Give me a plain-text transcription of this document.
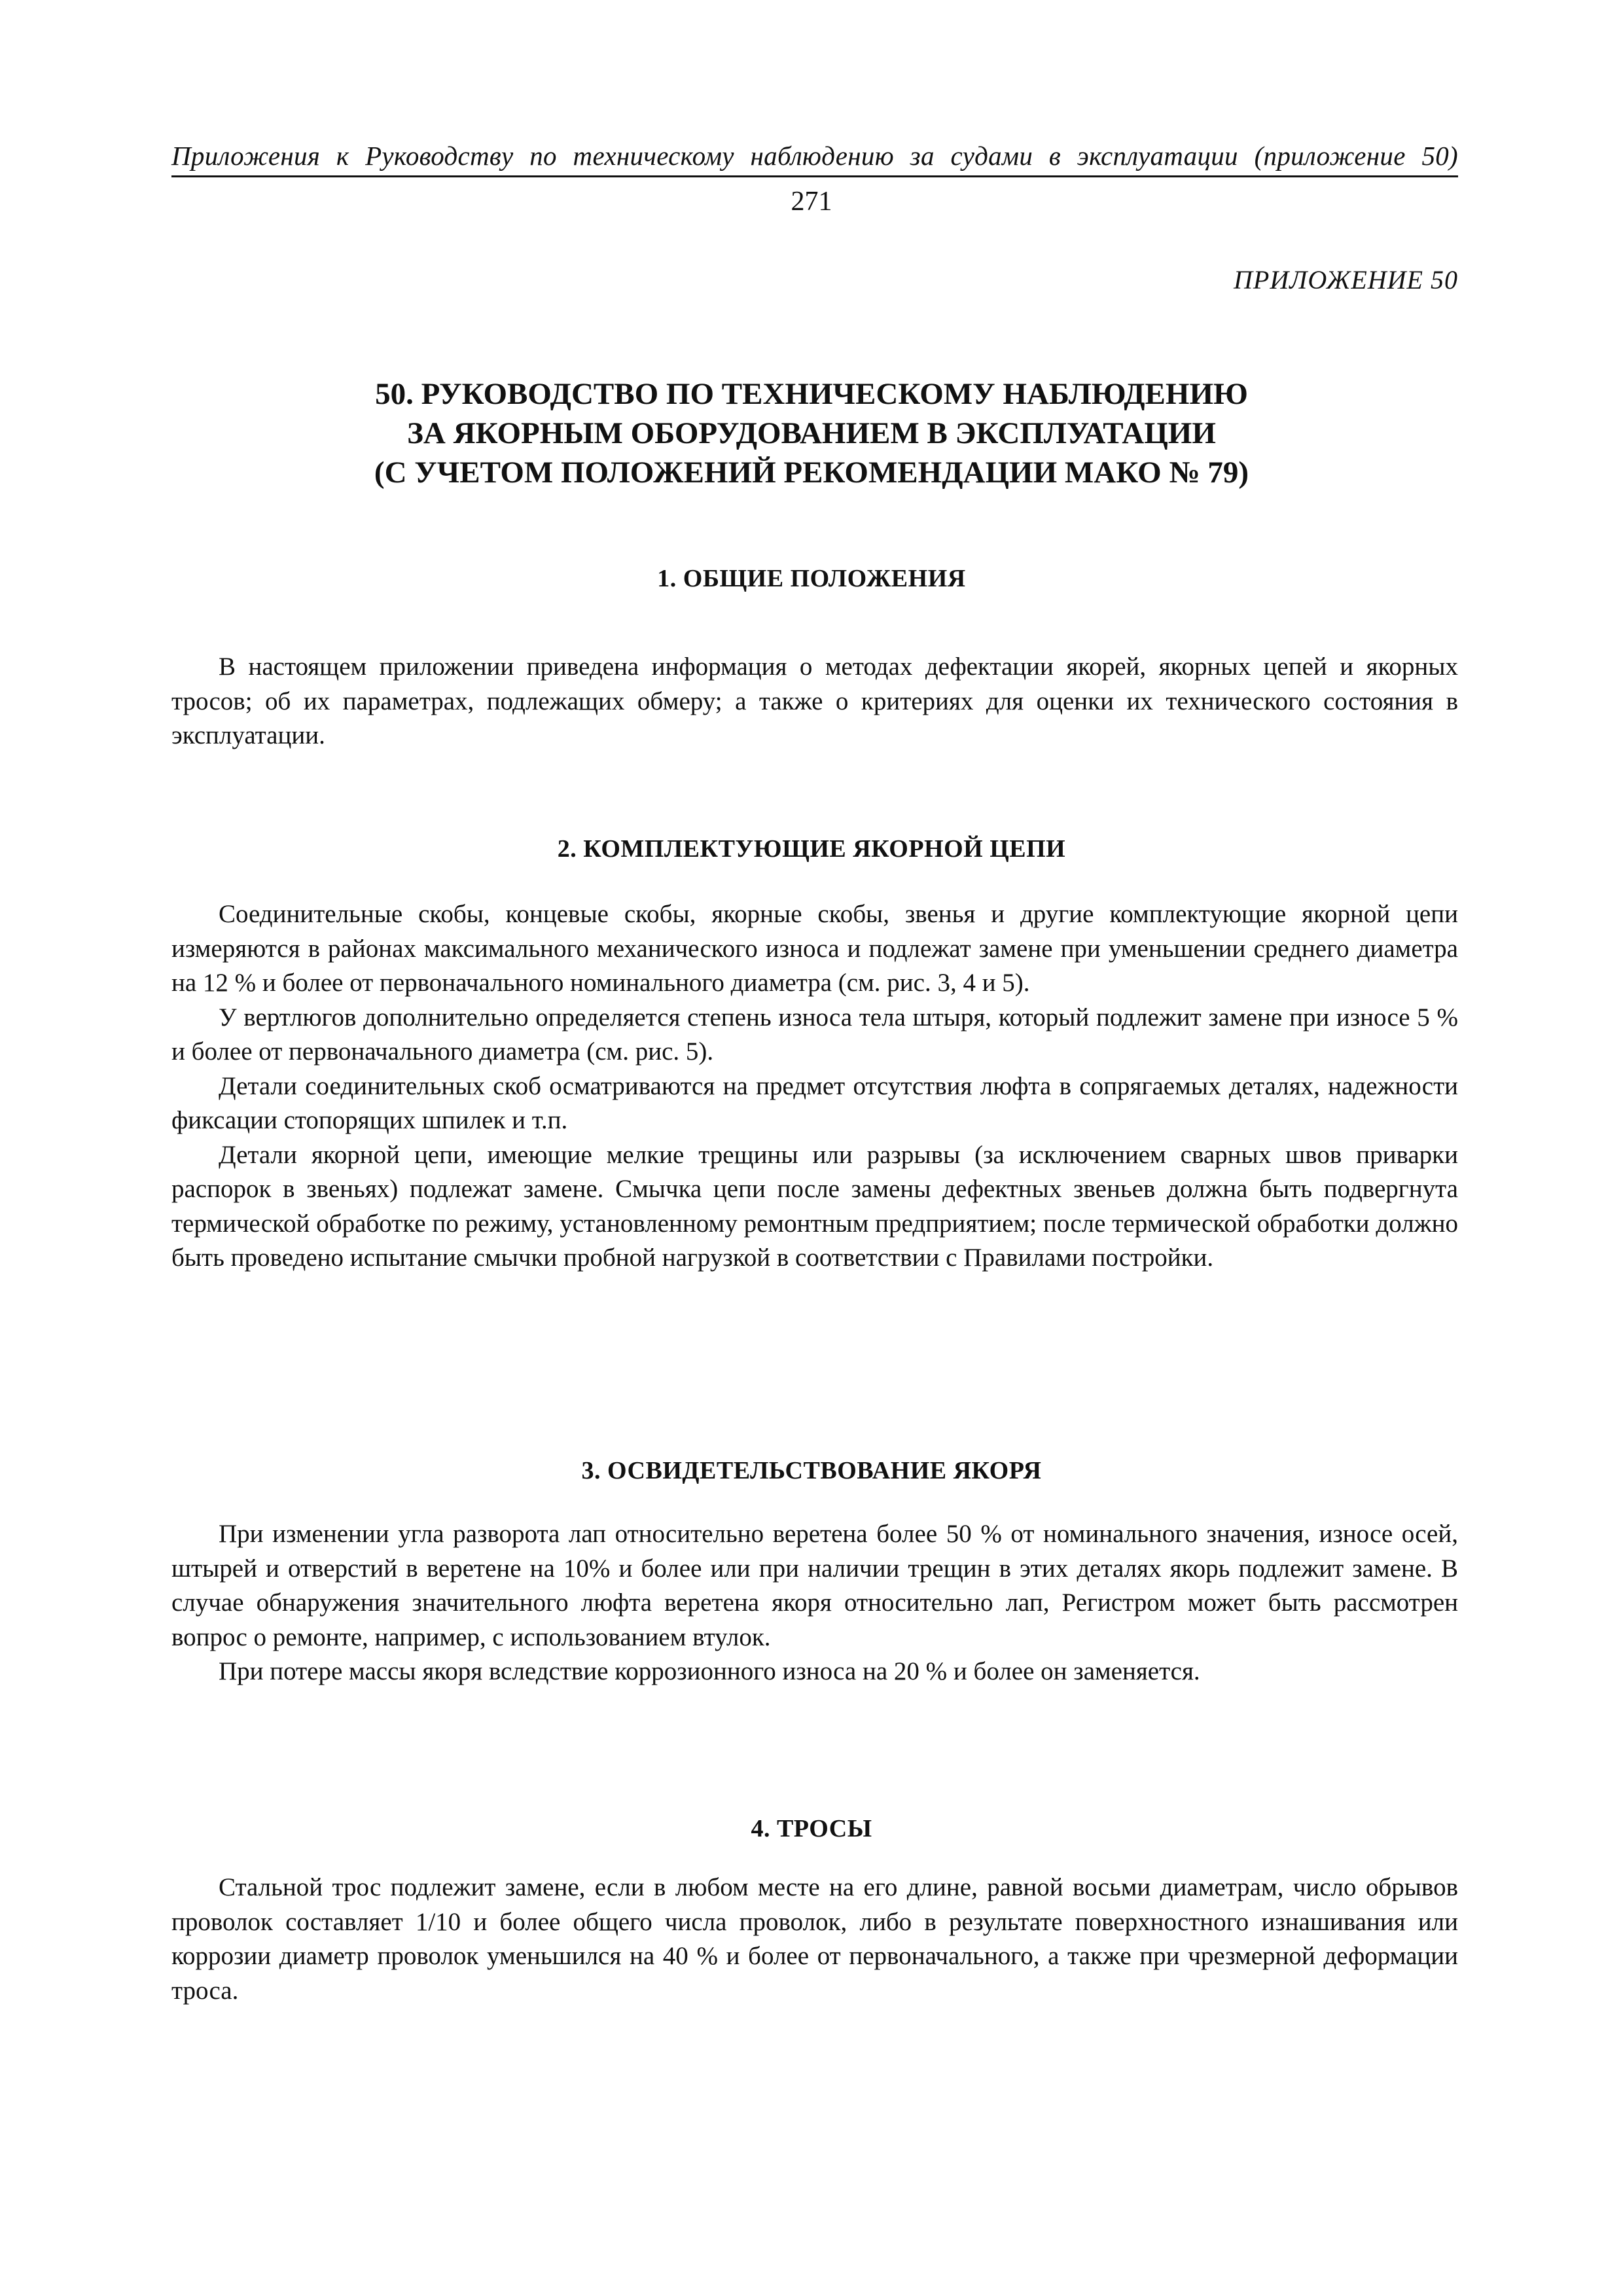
Приложения к Руководству по техническому наблюдению за судами в эксплуатации (приложение 50)
271
ПРИЛОЖЕНИЕ 50
50. РУКОВОДСТВО ПО ТЕХНИЧЕСКОМУ НАБЛЮДЕНИЮ
ЗА ЯКОРНЫМ ОБОРУДОВАНИЕМ В ЭКСПЛУАТАЦИИ
(С УЧЕТОМ ПОЛОЖЕНИЙ РЕКОМЕНДАЦИИ МАКО № 79)
1. ОБЩИЕ ПОЛОЖЕНИЯ

В настоящем приложении приведена информация о методах дефектации якорей, якорных цепей и якорных тросов; об их параметрах, подлежащих обмеру; а также о критериях для оценки их технического состояния в эксплуатации.

2. КОМПЛЕКТУЮЩИЕ ЯКОРНОЙ ЦЕПИ

Соединительные скобы, концевые скобы, якорные скобы, звенья и другие комплектующие якорной цепи измеряются в районах максимального механического износа и подлежат замене при уменьшении среднего диаметра на 12 % и более от первоначального номинального диаметра (см. рис. 3, 4 и 5).

У вертлюгов дополнительно определяется степень износа тела штыря, который подлежит замене при износе 5 % и более от первоначального диаметра (см. рис. 5).

Детали соединительных скоб осматриваются на предмет отсутствия люфта в сопрягаемых деталях, надежности фиксации стопорящих шпилек и т.п.

Детали якорной цепи, имеющие мелкие трещины или разрывы (за исключением сварных швов приварки распорок в звеньях) подлежат замене. Смычка цепи после замены дефектных звеньев должна быть подвергнута термической обработке по режиму, установленному ремонтным предприятием; после термической обработки должно быть проведено испытание смычки пробной нагрузкой в соответствии с Правилами постройки.

3. ОСВИДЕТЕЛЬСТВОВАНИЕ ЯКОРЯ

При изменении угла разворота лап относительно веретена более 50 % от номинального значения, износе осей, штырей и отверстий в веретене на 10% и более или при наличии трещин в этих деталях якорь подлежит замене. В случае обнаружения значительного люфта веретена якоря относительно лап, Регистром может быть рассмотрен вопрос о ремонте, например, с использованием втулок.

При потере массы якоря вследствие коррозионного износа на 20 % и более он заменяется.

4. ТРОСЫ

Стальной трос подлежит замене, если в любом месте на его длине, равной восьми диаметрам, число обрывов проволок составляет 1/10 и более общего числа проволок, либо в результате поверхностного изнашивания или коррозии диаметр проволок уменьшился на 40 % и более от первоначального, а также при чрезмерной деформации троса.
